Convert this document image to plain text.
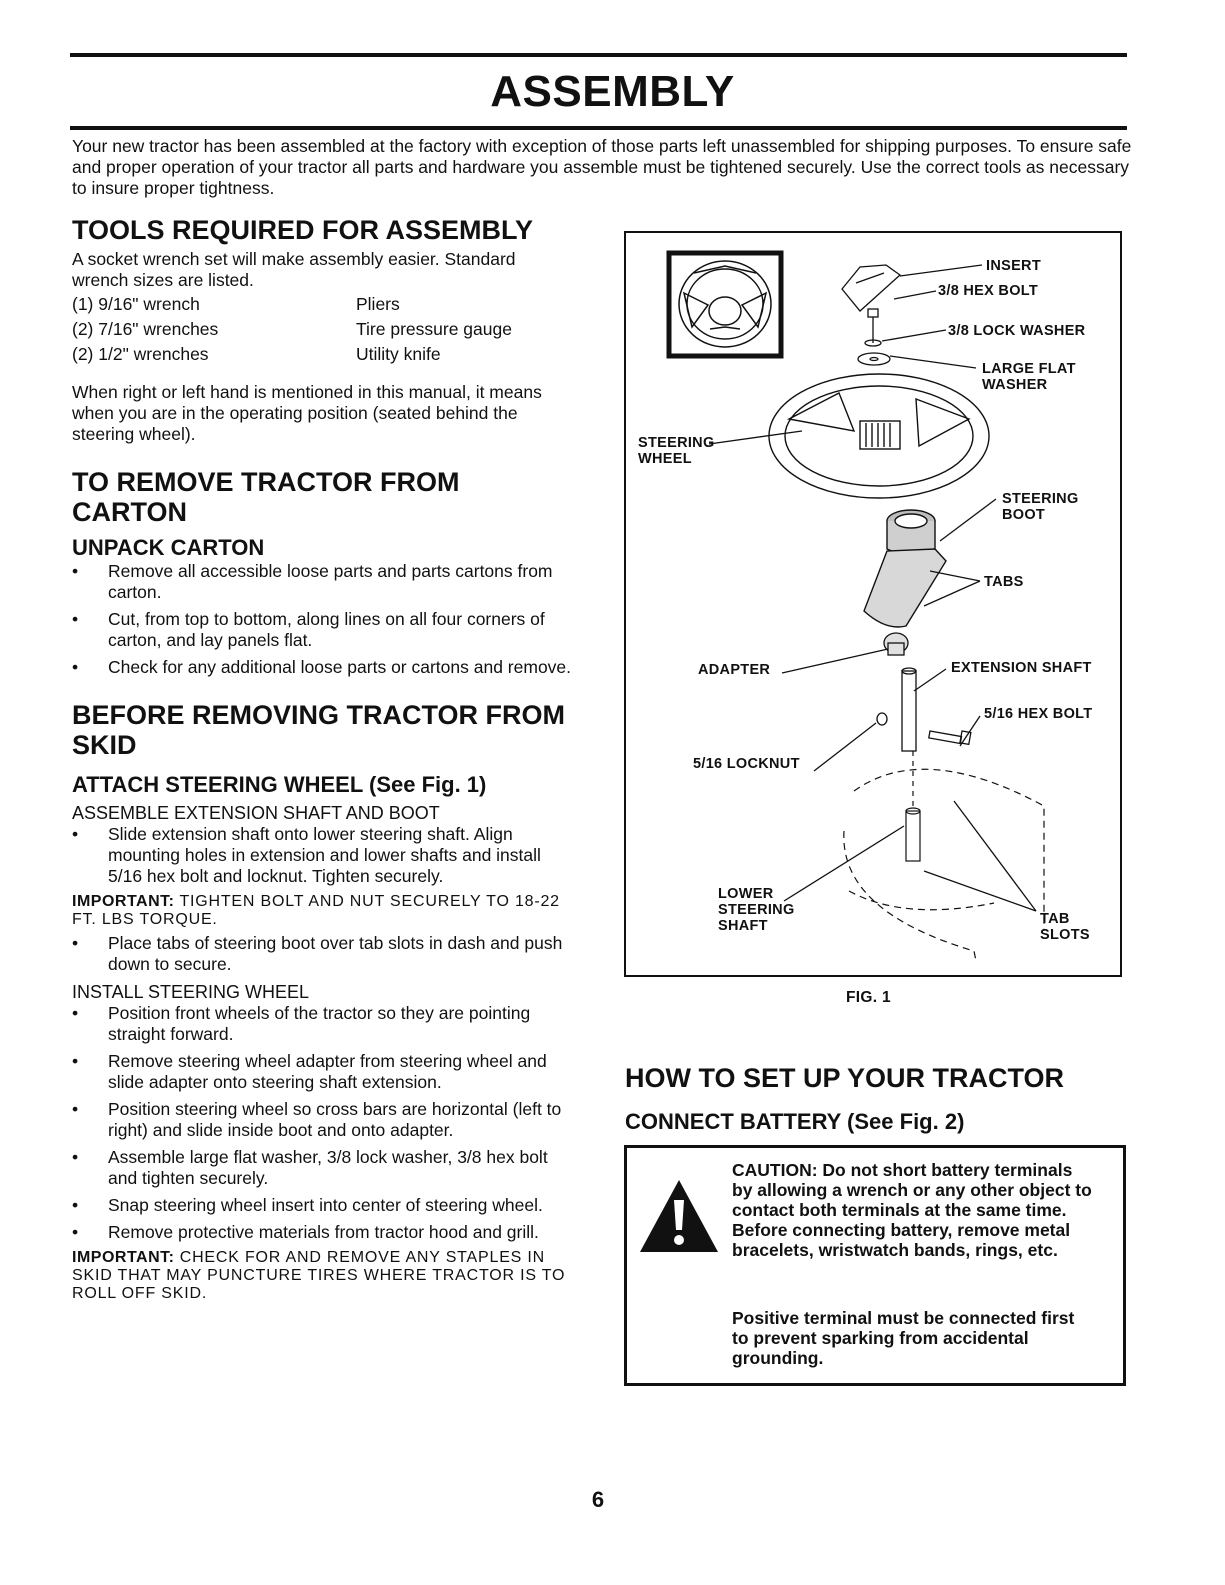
ASSEMBLY
Your new tractor has been assembled at the factory with exception of those parts left unassembled for shipping purposes. To ensure safe and proper operation of your tractor all parts and hardware you assemble must be tightened securely. Use the correct tools as necessary to insure proper tightness.
TOOLS REQUIRED FOR ASSEMBLY
A socket wrench set will make assembly easier. Standard wrench sizes are listed.
(1) 9/16" wrench	Pliers
(2) 7/16" wrenches	Tire pressure gauge
(2) 1/2" wrenches	Utility knife
When right or left hand is mentioned in this manual, it means when you are in the operating position (seated behind the steering wheel).
TO REMOVE TRACTOR FROM CARTON
UNPACK CARTON
• Remove all accessible loose parts and parts cartons from carton.
• Cut, from top to bottom, along lines on all four corners of carton, and lay panels flat.
• Check for any additional loose parts or cartons and remove.
BEFORE REMOVING TRACTOR FROM SKID
ATTACH STEERING WHEEL (See Fig. 1)
ASSEMBLE EXTENSION SHAFT AND BOOT
• Slide extension shaft onto lower steering shaft. Align mounting holes in extension and lower shafts and install 5/16 hex bolt and locknut. Tighten securely.
IMPORTANT: TIGHTEN BOLT AND NUT SECURELY TO 18-22 FT. LBS TORQUE.
• Place tabs of steering boot over tab slots in dash and push down to secure.
INSTALL STEERING WHEEL
• Position front wheels of the tractor so they are pointing straight forward.
• Remove steering wheel adapter from steering wheel and slide adapter onto steering shaft extension.
• Position steering wheel so cross bars are horizontal (left to right) and slide inside boot and onto adapter.
• Assemble large flat washer, 3/8 lock washer, 3/8 hex bolt and tighten securely.
• Snap steering wheel insert into center of steering wheel.
• Remove protective materials from tractor hood and grill.
IMPORTANT: CHECK FOR AND REMOVE ANY STAPLES IN SKID THAT MAY PUNCTURE TIRES WHERE TRACTOR IS TO ROLL OFF SKID.
INSERT
3/8 HEX BOLT
3/8 LOCK WASHER
LARGE FLAT WASHER
STEERING WHEEL
STEERING BOOT
TABS
ADAPTER	EXTENSION SHAFT
5/16 HEX BOLT
5/16 LOCKNUT
LOWER STEERING SHAFT	TAB SLOTS
FIG. 1
HOW TO SET UP YOUR TRACTOR
CONNECT BATTERY (See Fig. 2)
CAUTION: Do not short battery terminals by allowing a wrench or any other object to contact both terminals at the same time. Before connecting battery, remove metal bracelets, wristwatch bands, rings, etc.
Positive terminal must be connected first to prevent sparking from accidental grounding.
6
